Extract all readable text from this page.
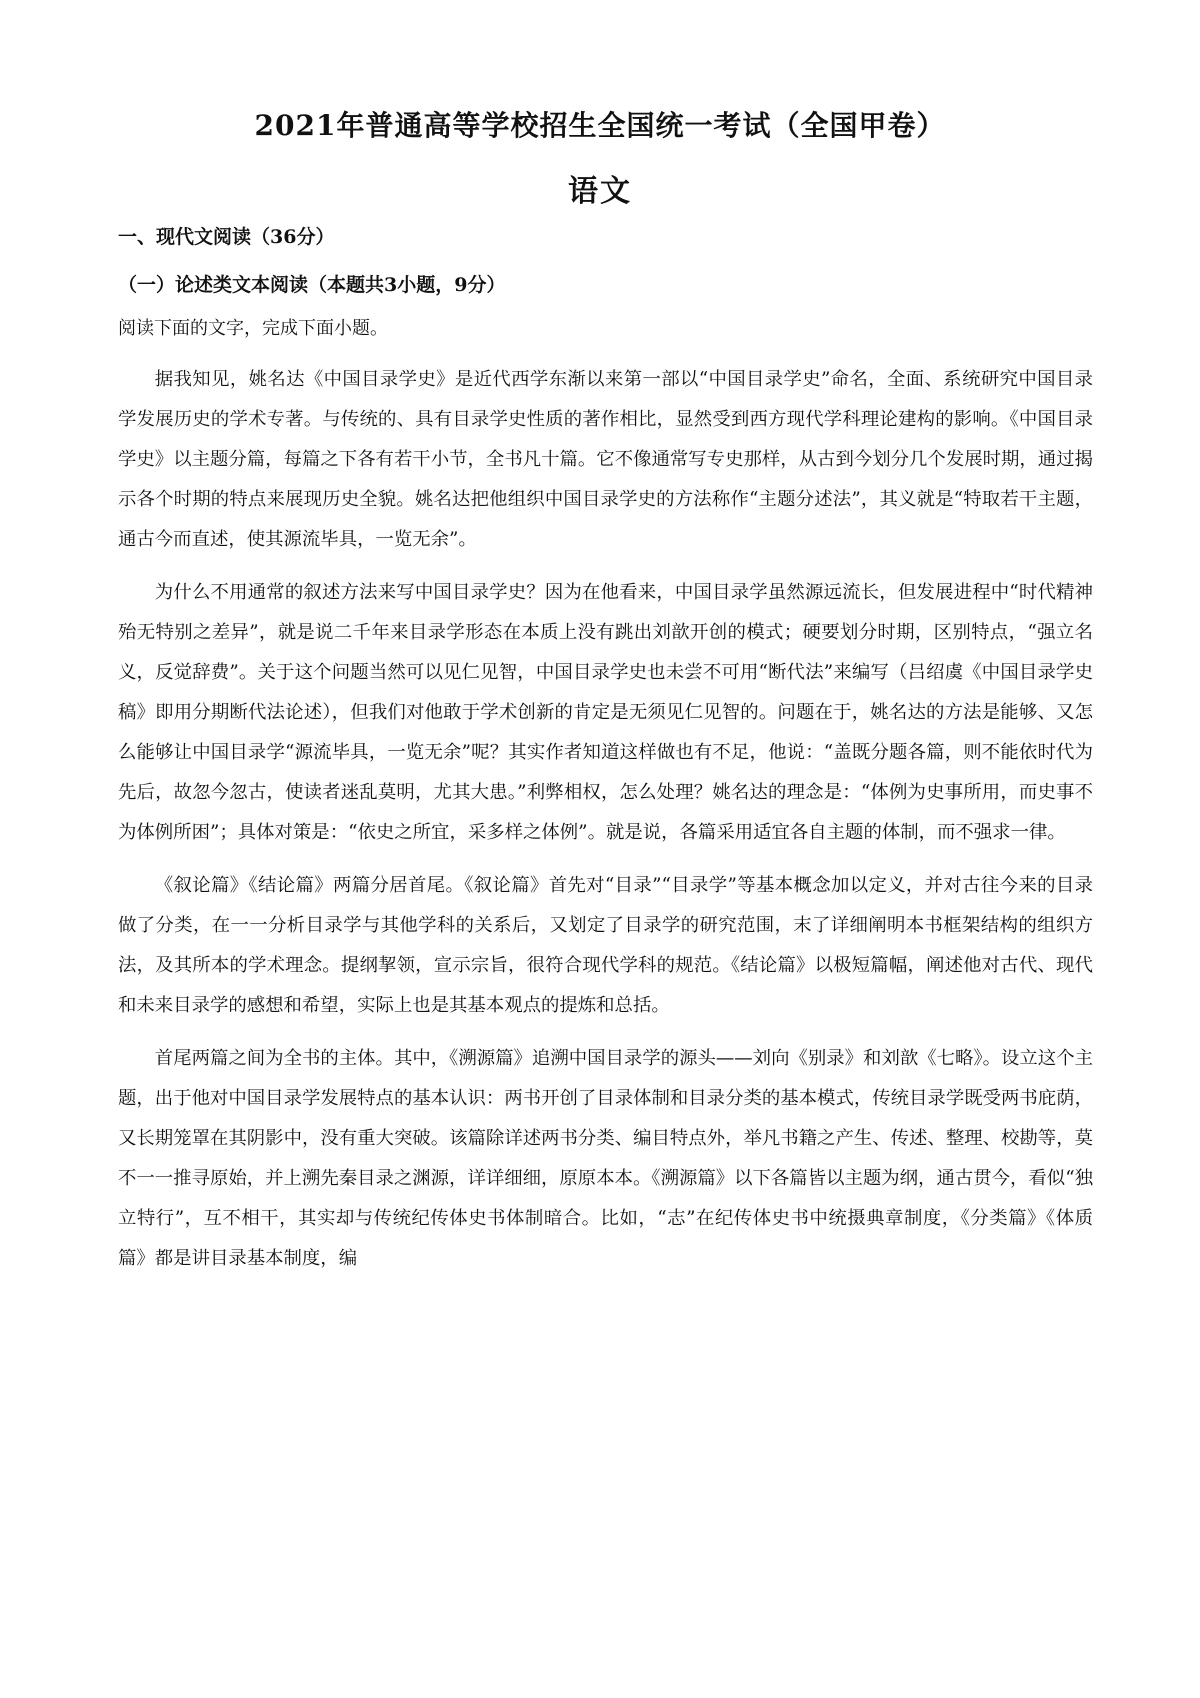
2021年普通高等学校招生全国统一考试（全国甲卷）
语文
一、现代文阅读（36分）
（一）论述类文本阅读（本题共3小题，9分）
阅读下面的文字，完成下面小题。

据我知见，姚名达《中国目录学史》是近代西学东渐以来第一部以“中国目录学史”命名，全面、系统研究中国目录学发展历史的学术专著。与传统的、具有目录学史性质的著作相比，显然受到西方现代学科理论建构的影响。《中国目录学史》以主题分篇，每篇之下各有若干小节，全书凡十篇。它不像通常写专史那样，从古到今划分几个发展时期，通过揭示各个时期的特点来展现历史全貌。姚名达把他组织中国目录学史的方法称作“主题分述法”，其义就是“特取若干主题，通古今而直述，使其源流毕具，一览无余”。

为什么不用通常的叙述方法来写中国目录学史？因为在他看来，中国目录学虽然源远流长，但发展进程中“时代精神殆无特别之差异”，就是说二千年来目录学形态在本质上没有跳出刘歆开创的模式；硬要划分时期，区别特点，“强立名义，反觉辞费”。关于这个问题当然可以见仁见智，中国目录学史也未尝不可用“断代法”来编写（吕绍虞《中国目录学史稿》即用分期断代法论述），但我们对他敢于学术创新的肯定是无须见仁见智的。问题在于，姚名达的方法是能够、又怎么能够让中国目录学“源流毕具，一览无余”呢？其实作者知道这样做也有不足，他说：“盖既分题各篇，则不能依时代为先后，故忽今忽古，使读者迷乱莫明，尤其大患。”利弊相权，怎么处理？姚名达的理念是：“体例为史事所用，而史事不为体例所困”；具体对策是：“依史之所宜，采多样之体例”。就是说，各篇采用适宜各自主题的体制，而不强求一律。

《叙论篇》《结论篇》两篇分居首尾。《叙论篇》首先对“目录”“目录学”等基本概念加以定义，并对古往今来的目录做了分类，在一一分析目录学与其他学科的关系后，又划定了目录学的研究范围，末了详细阐明本书框架结构的组织方法，及其所本的学术理念。提纲挈领，宣示宗旨，很符合现代学科的规范。《结论篇》以极短篇幅，阐述他对古代、现代和未来目录学的感想和希望，实际上也是其基本观点的提炼和总括。

首尾两篇之间为全书的主体。其中，《溯源篇》追溯中国目录学的源头——刘向《别录》和刘歆《七略》。设立这个主题，出于他对中国目录学发展特点的基本认识：两书开创了目录体制和目录分类的基本模式，传统目录学既受两书庇荫，又长期笼罩在其阴影中，没有重大突破。该篇除详述两书分类、编目特点外，举凡书籍之产生、传述、整理、校勘等，莫不一一推寻原始，并上溯先秦目录之渊源，详详细细，原原本本。《溯源篇》以下各篇皆以主题为纲，通古贯今，看似“独立特行”，互不相干，其实却与传统纪传体史书体制暗合。比如，“志”在纪传体史书中统摄典章制度，《分类篇》《体质篇》都是讲目录基本制度，编
